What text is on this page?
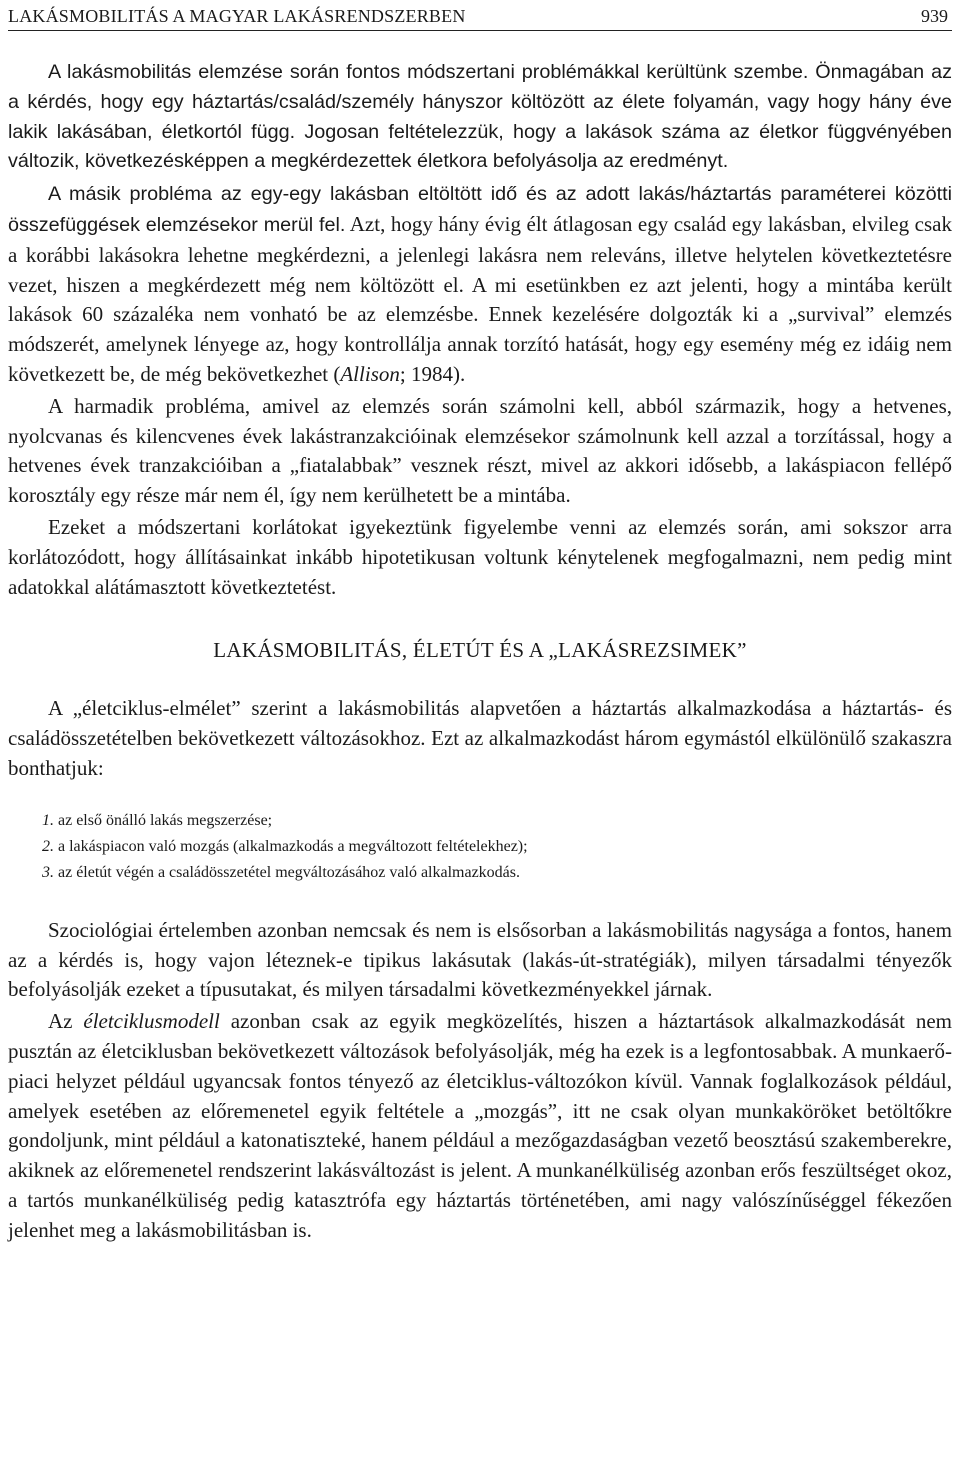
LAKÁSMOBILITÁS A MAGYAR LAKÁSRENDSZERBEN	939

A lakásmobilitás elemzése során fontos módszertani problémákkal kerültünk szembe. Önmagában az a kérdés, hogy egy háztartás/család/személy hányszor költözött az élete folyamán, vagy hogy hány éve lakik lakásában, életkortól függ. Jogosan feltételezzük, hogy a lakások száma az életkor függvényében változik, következésképpen a megkérdezettek életkora befolyásolja az eredményt.

A másik probléma az egy-egy lakásban eltöltött idő és az adott lakás/háztartás paraméterei közötti összefüggések elemzésekor merül fel. Azt, hogy hány évig élt átlagosan egy család egy lakásban, elvileg csak a korábbi lakásokra lehetne megkérdezni, a jelenlegi lakásra nem releváns, illetve helytelen következtetésre vezet, hiszen a megkérdezett még nem költözött el. A mi esetünkben ez azt jelenti, hogy a mintába került lakások 60 százaléka nem vonható be az elemzésbe. Ennek kezelésére dolgozták ki a „survival” elemzés módszerét, amelynek lényege az, hogy kontrollálja annak torzító hatását, hogy egy esemény még ez idáig nem következett be, de még bekövetkezhet (Allison; 1984).

A harmadik probléma, amivel az elemzés során számolni kell, abból származik, hogy a hetvenes, nyolcvanas és kilencvenes évek lakástranzakcióinak elemzésekor számolnunk kell azzal a torzítással, hogy a hetvenes évek tranzakcióiban a „fiatalabbak” vesznek részt, mivel az akkori idősebb, a lakáspiacon fellépő korosztály egy része már nem él, így nem kerülhetett be a mintába.

Ezeket a módszertani korlátokat igyekeztünk figyelembe venni az elemzés során, ami sokszor arra korlátozódott, hogy állításainkat inkább hipotetikusan voltunk kénytelenek megfogalmazni, nem pedig mint adatokkal alátámasztott következtetést.

LAKÁSMOBILITÁS, ÉLETÚT ÉS A „LAKÁSREZSIMEK”

A „életciklus-elmélet” szerint a lakásmobilitás alapvetően a háztartás alkalmazkodása a háztartás- és családösszetételben bekövetkezett változásokhoz. Ezt az alkalmazkodást három egymástól elkülönülő szakaszra bonthatjuk:

1. az első önálló lakás megszerzése;
2. a lakáspiacon való mozgás (alkalmazkodás a megváltozott feltételekhez);
3. az életút végén a családösszetétel megváltozásához való alkalmazkodás.

Szociológiai értelemben azonban nemcsak és nem is elsősorban a lakásmobilitás nagysága a fontos, hanem az a kérdés is, hogy vajon léteznek-e tipikus lakásutak (lakás-út-stratégiák), milyen társadalmi tényezők befolyásolják ezeket a típusutakat, és milyen társadalmi következményekkel járnak.

Az életciklusmodell azonban csak az egyik megközelítés, hiszen a háztartások alkalmazkodását nem pusztán az életciklusban bekövetkezett változások befolyásolják, még ha ezek is a legfontosabbak. A munkaerő-piaci helyzet például ugyancsak fontos tényező az életciklus-változókon kívül. Vannak foglalkozások például, amelyek esetében az előremenetel egyik feltétele a „mozgás”, itt ne csak olyan munkaköröket betöltőkre gondoljunk, mint például a katonatiszteké, hanem például a mezőgazdaságban vezető beosztású szakemberekre, akiknek az előremenetel rendszerint lakásváltozást is jelent. A munkanélküliség azonban erős feszültséget okoz, a tartós munkanélküliség pedig katasztrófa egy háztartás történetében, ami nagy valószínűséggel fékezően jelenhet meg a lakásmobilitásban is.
